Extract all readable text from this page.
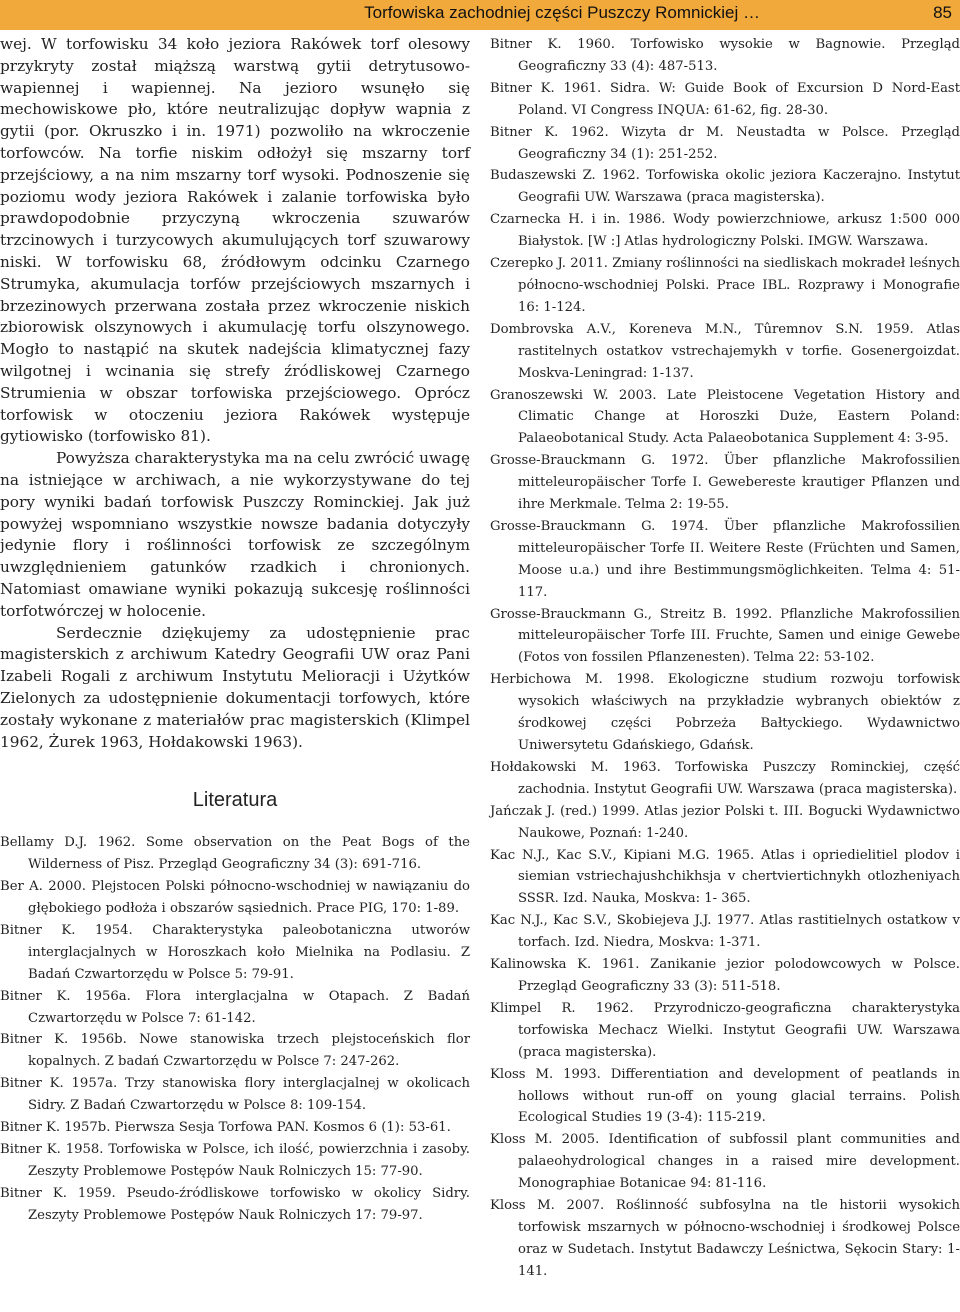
Torfowiska zachodniej części Puszczy Romnickiej …	85

wej. W torfowisku 34 koło jeziora Rakówek torf olesowy przykryty został miąższą warstwą gytii detrytusowo-wapiennej i wapiennej. Na jezioro wsunęło się mechowiskowe pło, które neutralizując dopływ wapnia z gytii (por. Okruszko i in. 1971) pozwoliło na wkroczenie torfowców. Na torfie niskim odłożył się mszarny torf przejściowy, a na nim mszarny torf wysoki. Podnoszenie się poziomu wody jeziora Rakówek i zalanie torfowiska było prawdopodobnie przyczyną wkroczenia szuwarów trzcinowych i turzycowych akumulujących torf szuwarowy niski. W torfowisku 68, źródłowym odcinku Czarnego Strumyka, akumulacja torfów przejściowych mszarnych i brzezinowych przerwana została przez wkroczenie niskich zbiorowisk olszynowych i akumulację torfu olszynowego. Mogło to nastąpić na skutek nadejścia klimatycznej fazy wilgotnej i wcinania się strefy źródliskowej Czarnego Strumienia w obszar torfowiska przejściowego. Oprócz torfowisk w otoczeniu jeziora Rakówek występuje gytiowisko (torfowisko 81).

Powyższa charakterystyka ma na celu zwrócić uwagę na istniejące w archiwach, a nie wykorzystywane do tej pory wyniki badań torfowisk Puszczy Rominckiej. Jak już powyżej wspomniano wszystkie nowsze badania dotyczyły jedynie flory i roślinności torfowisk ze szczególnym uwzględnieniem gatunków rzadkich i chronionych. Natomiast omawiane wyniki pokazują sukcesję roślinności torfotwórczej w holocenie.

Serdecznie dziękujemy za udostępnienie prac magisterskich z archiwum Katedry Geografii UW oraz Pani Izabeli Rogali z archiwum Instytutu Melioracji i Użytków Zielonych za udostępnienie dokumentacji torfowych, które zostały wykonane z materiałów prac magisterskich (Klimpel 1962, Żurek 1963, Hołdakowski 1963).

Literatura
Bellamy D.J. 1962. Some observation on the Peat Bogs of the Wilderness of Pisz. Przegląd Geograficzny 34 (3): 691-716.
Ber A. 2000. Plejstocen Polski północno-wschodniej w nawiązaniu do głębokiego podłoża i obszarów sąsiednich. Prace PIG, 170: 1-89.
Bitner K. 1954. Charakterystyka paleobotaniczna utworów interglacjalnych w Horoszkach koło Mielnika na Podlasiu. Z Badań Czwartorzędu w Polsce 5: 79-91.
Bitner K. 1956a. Flora interglacjalna w Otapach. Z Badań Czwartorzędu w Polsce 7: 61-142.
Bitner K. 1956b. Nowe stanowiska trzech plejstoceńskich flor kopalnych. Z badań Czwartorzędu w Polsce 7: 247-262.
Bitner K. 1957a. Trzy stanowiska flory interglacjalnej w okolicach Sidry. Z Badań Czwartorzędu w Polsce 8: 109-154.
Bitner K. 1957b. Pierwsza Sesja Torfowa PAN. Kosmos 6 (1): 53-61.
Bitner K. 1958. Torfowiska w Polsce, ich ilość, powierzchnia i zasoby. Zeszyty Problemowe Postępów Nauk Rolniczych 15: 77-90.
Bitner K. 1959. Pseudo-źródliskowe torfowisko w okolicy Sidry. Zeszyty Problemowe Postępów Nauk Rolniczych 17: 79-97.
Bitner K. 1960. Torfowisko wysokie w Bagnowie. Przegląd Geograficzny 33 (4): 487-513.
Bitner K. 1961. Sidra. W: Guide Book of Excursion D Nord-East Poland. VI Congress INQUA: 61-62, fig. 28-30.
Bitner K. 1962. Wizyta dr M. Neustadta w Polsce. Przegląd Geograficzny 34 (1): 251-252.
Budaszewski Z. 1962. Torfowiska okolic jeziora Kaczerajno. Instytut Geografii UW. Warszawa (praca magisterska).
Czarnecka H. i in. 1986. Wody powierzchniowe, arkusz 1:500 000 Białystok. [W :] Atlas hydrologiczny Polski. IMGW. Warszawa.
Czerepko J. 2011. Zmiany roślinności na siedliskach mokradeł leśnych północno-wschodniej Polski. Prace IBL. Rozprawy i Monografie 16: 1-124.
Dombrovska A.V., Koreneva M.N., Tûremnov S.N. 1959. Atlas rastitelnych ostatkov vstrechajemykh v torfie. Gosenergoizdat. Moskva-Leningrad: 1-137.
Granoszewski W. 2003. Late Pleistocene Vegetation History and Climatic Change at Horoszki Duże, Eastern Poland: Palaeobotanical Study. Acta Palaeobotanica Supplement 4: 3-95.
Grosse-Brauckmann G. 1972. Über pflanzliche Makrofossilien mitteleuropäischer Torfe I. Gewebereste krautiger Pflanzen und ihre Merkmale. Telma 2: 19-55.
Grosse-Brauckmann G. 1974. Über pflanzliche Makrofossilien mitteleuropäischer Torfe II. Weitere Reste (Früchten und Samen, Moose u.a.) und ihre Bestimmungsmöglichkeiten. Telma 4: 51-117.
Grosse-Brauckmann G., Streitz B. 1992. Pflanzliche Makrofossilien mitteleuropäischer Torfe III. Fruchte, Samen und einige Gewebe (Fotos von fossilen Pflanzenesten). Telma 22: 53-102.
Herbichowa M. 1998. Ekologiczne studium rozwoju torfowisk wysokich właściwych na przykładzie wybranych obiektów z środkowej części Pobrzeża Bałtyckiego. Wydawnictwo Uniwersytetu Gdańskiego, Gdańsk.
Hołdakowski M. 1963. Torfowiska Puszczy Rominckiej, część zachodnia. Instytut Geografii UW. Warszawa (praca magisterska).
Jańczak J. (red.) 1999. Atlas jezior Polski t. III. Bogucki Wydawnictwo Naukowe, Poznań: 1-240.
Kac N.J., Kac S.V., Kipiani M.G. 1965. Atlas i opriedielitiel plodov i siemian vstriechajushchikhsja v chertviertichnykh otlozheniyach SSSR. Izd. Nauka, Moskva: 1- 365.
Kac N.J., Kac S.V., Skobiejeva J.J. 1977. Atlas rastitielnych ostatkow v torfach. Izd. Niedra, Moskva: 1-371.
Kalinowska K. 1961. Zanikanie jezior polodowcowych w Polsce. Przegląd Geograficzny 33 (3): 511-518.
Klimpel R. 1962. Przyrodniczo-geograficzna charakterystyka torfowiska Mechacz Wielki. Instytut Geografii UW. Warszawa (praca magisterska).
Kloss M. 1993. Differentiation and development of peatlands in hollows without run-off on young glacial terrains. Polish Ecological Studies 19 (3-4): 115-219.
Kloss M. 2005. Identification of subfossil plant communities and palaeohydrological changes in a raised mire development. Monographiae Botanicae 94: 81-116.
Kloss M. 2007. Roślinność subfosylna na tle historii wysokich torfowisk mszarnych w północno-wschodniej i środkowej Polsce oraz w Sudetach. Instytut Badawczy Leśnictwa, Sękocin Stary: 1-141.
